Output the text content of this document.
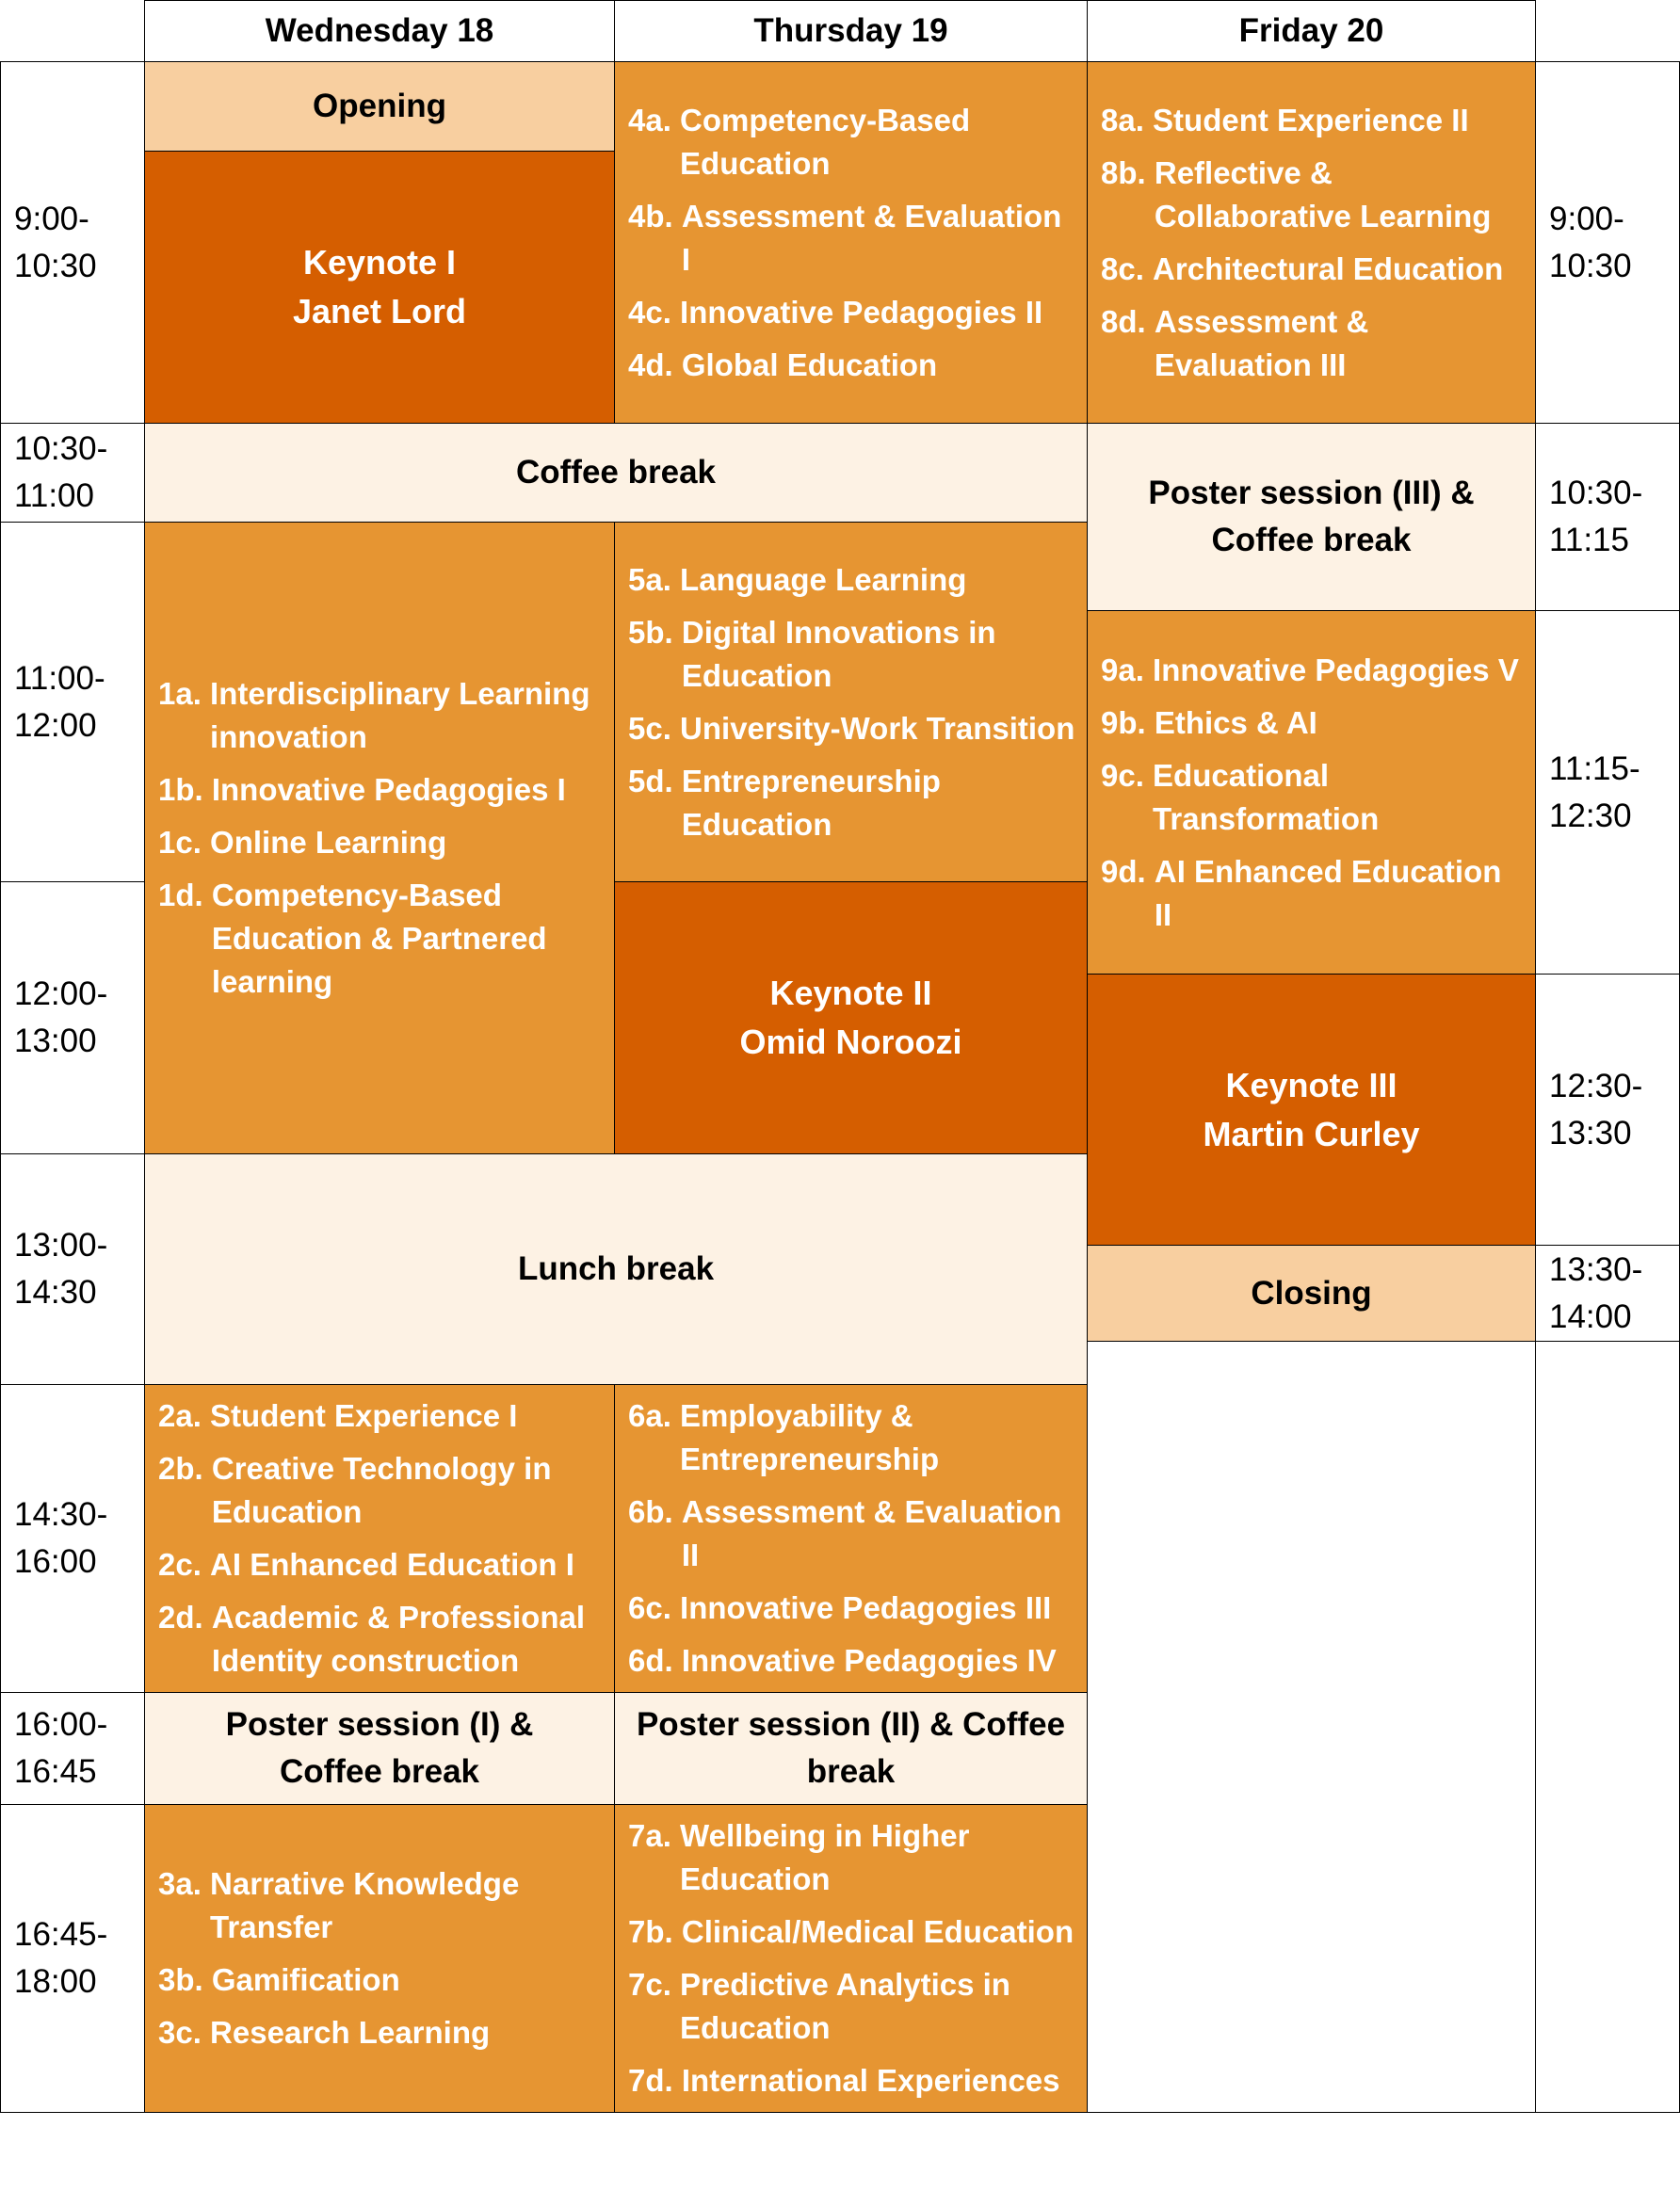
Wednesday 18	Thursday 19	Friday 20
9:00-
10:30
10:30-
11:00
11:00-
12:00
12:00-
13:00
13:00-
14:30
14:30-
16:00
16:00-
16:45
16:45-
18:00
Opening
Keynote I
Janet Lord
Coffee break
1a. Interdisciplinary Learning innovation
1b. Innovative Pedagogies I
1c. Online Learning
1d. Competency-Based Education & Partnered learning
Lunch break
2a. Student Experience I
2b. Creative Technology in Education
2c. AI Enhanced Education I
2d. Academic & Professional Identity construction
Poster session (I) &
Coffee break
3a. Narrative Knowledge Transfer
3b. Gamification
3c. Research Learning
4a. Competency-Based Education
4b. Assessment & Evaluation I
4c. Innovative Pedagogies II
4d. Global Education
5a. Language Learning
5b. Digital Innovations in Education
5c. University-Work Transition
5d. Entrepreneurship Education
Keynote II
Omid Noroozi
6a. Employability & Entrepreneurship
6b. Assessment & Evaluation II
6c. Innovative Pedagogies III
6d. Innovative Pedagogies IV
Poster session (II) & Coffee
break
7a. Wellbeing in Higher Education
7b. Clinical/Medical Education
7c. Predictive Analytics in Education
7d. International Experiences
8a. Student Experience II
8b. Reflective & Collaborative Learning
8c. Architectural Education
8d. Assessment & Evaluation III
Poster session (III) &
Coffee break
9a. Innovative Pedagogies V
9b. Ethics & AI
9c. Educational Transformation
9d. AI Enhanced Education II
Keynote III
Martin Curley
Closing
9:00-
10:30
10:30-
11:15
11:15-
12:30
12:30-
13:30
13:30-
14:00
